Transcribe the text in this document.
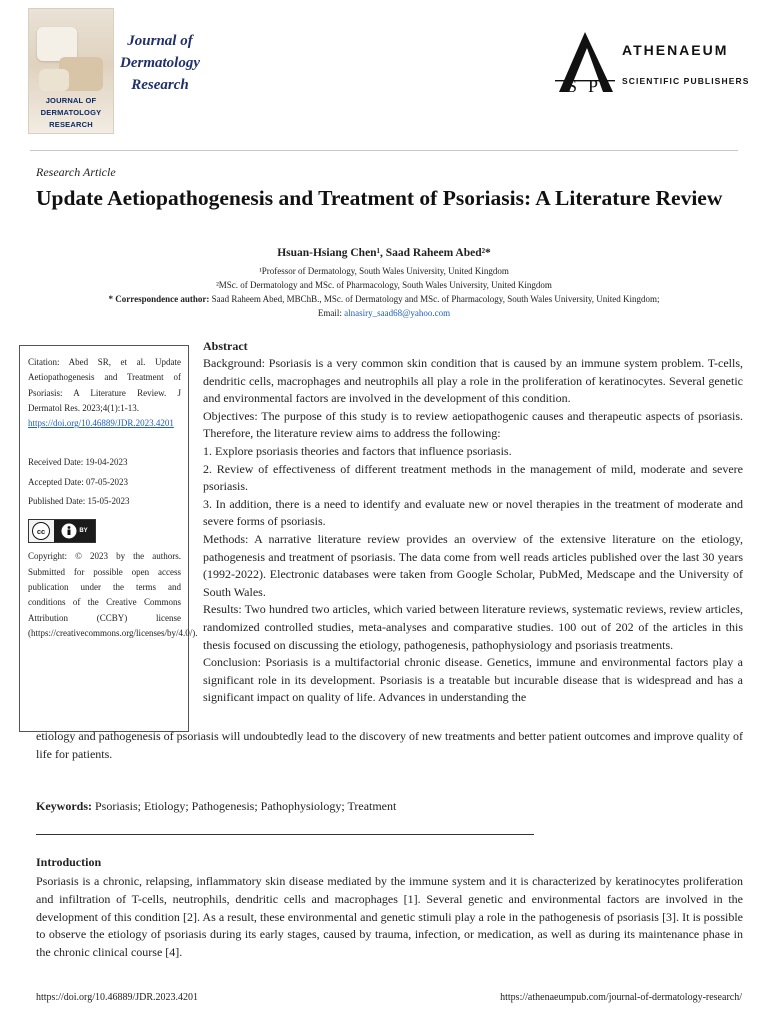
JOURNAL OF
DERMATOLOGY
RESEARCH
Journal of
Dermatology
Research	S P
ATHENAEUM
SCIENTIFIC PUBLISHERS
Research Article
Update Aetiopathogenesis and Treatment of Psoriasis: A Literature Review
Hsuan-Hsiang Chen¹, Saad Raheem Abed²*
¹Professor of Dermatology, South Wales University, United Kingdom
²MSc. of Dermatology and MSc. of Pharmacology, South Wales University, United Kingdom
* Correspondence author: Saad Raheem Abed, MBChB., MSc. of Dermatology and MSc. of Pharmacology, South Wales University, United Kingdom;
Email: alnasiry_saad68@yahoo.com

Citation: Abed SR, et al. Update Aetiopathogenesis and Treatment of Psoriasis: A Literature Review. J Dermatol Res. 2023;4(1):1-13.

https://doi.org/10.46889/JDR.2023.4201

Received Date: 19-04-2023

Accepted Date: 07-05-2023

Published Date: 15-05-2023

cc	BY

Copyright: © 2023 by the authors. Submitted for possible open access publication under the terms and conditions of the Creative Commons Attribution (CCBY) license (https://creativecommons.org/licenses/by/4.0/).

Abstract

Background: Psoriasis is a very common skin condition that is caused by an immune system problem. T-cells, dendritic cells, macrophages and neutrophils all play a role in the proliferation of keratinocytes. Several genetic and environmental factors are involved in the development of this condition.

Objectives: The purpose of this study is to review aetiopathogenic causes and therapeutic aspects of psoriasis. Therefore, the literature review aims to address the following:

1. Explore psoriasis theories and factors that influence psoriasis.

2. Review of effectiveness of different treatment methods in the management of mild, moderate and severe psoriasis.

3. In addition, there is a need to identify and evaluate new or novel therapies in the treatment of moderate and severe forms of psoriasis.

Methods: A narrative literature review provides an overview of the extensive literature on the etiology, pathogenesis and treatment of psoriasis. The data come from well reads articles published over the last 30 years (1992-2022). Electronic databases were taken from Google Scholar, PubMed, Medscape and the University of South Wales.

Results: Two hundred two articles, which varied between literature reviews, systematic reviews, review articles, randomized controlled studies, meta-analyses and comparative studies. 100 out of 202 of the articles in this thesis focused on discussing the etiology, pathogenesis, pathophysiology and psoriasis treatments.

Conclusion: Psoriasis is a multifactorial chronic disease. Genetics, immune and environmental factors play a significant role in its development. Psoriasis is a treatable but incurable disease that is widespread and has a significant impact on quality of life. Advances in understanding the

etiology and pathogenesis of psoriasis will undoubtedly lead to the discovery of new treatments and better patient outcomes and improve quality of life for patients.
Keywords: Psoriasis; Etiology; Pathogenesis; Pathophysiology; Treatment
Introduction
Psoriasis is a chronic, relapsing, inflammatory skin disease mediated by the immune system and it is characterized by keratinocytes proliferation and infiltration of T-cells, neutrophils, dendritic cells and macrophages [1]. Several genetic and environmental factors are involved in the development of this condition [2]. As a result, these environmental and genetic stimuli play a role in the pathogenesis of psoriasis [3]. It is possible to observe the etiology of psoriasis during its early stages, caused by trauma, infection, or medication, as well as during its maintenance phase in the chronic clinical course [4].
https://doi.org/10.46889/JDR.2023.4201	https://athenaeumpub.com/journal-of-dermatology-research/
